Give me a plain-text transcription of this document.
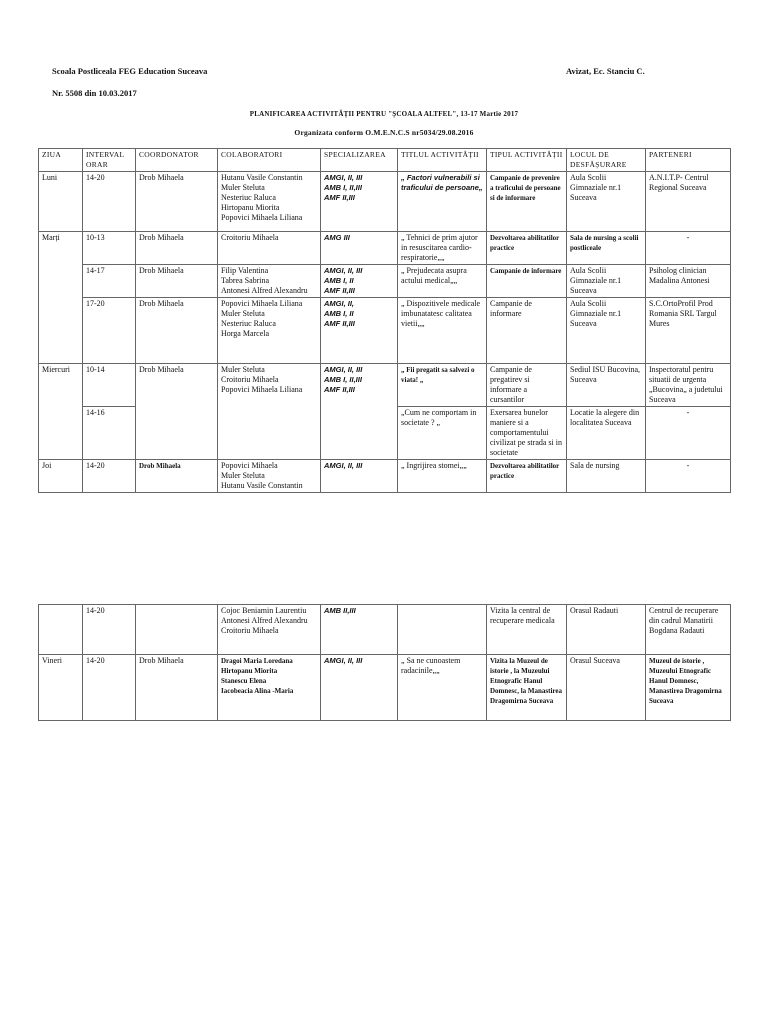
Scoala Postliceala FEG Education Suceava	Avizat, Ec. Stanciu C.
Nr. 5508 din 10.03.2017
PLANIFICAREA ACTIVITĂȚII PENTRU "ȘCOALA ALTFEL", 13-17 Martie 2017
Organizata conform O.M.E.N.C.S nr5034/29.08.2016
ZIUA	INTERVAL ORAR	COORDONATOR	COLABORATORI	SPECIALIZAREA	TITLUL ACTIVITĂȚII	TIPUL ACTIVITĂȚII	LOCUL DE DESFĂȘURARE	PARTENERI
Luni	14-20	Drob Mihaela	Hutanu Vasile Constantin
Muler Steluta
Nesteriuc Raluca
Hirtopanu Miorita
Popovici Mihaela Liliana	AMGI, II, III
AMB I, II,III
AMF II,III	„ Factori vulnerabili si traficului de persoane„	Campanie de prevenire a traficului de persoane si de informare	Aula Scolii Gimnaziale nr.1 Suceava	A.N.I.T.P- Centrul Regional Suceava
Marți	10-13	Drob Mihaela	Croitoriu Mihaela	AMG III	„ Tehnici de prim ajutor in resuscitarea cardio-respiratorie„„	Dezvoltarea abilitatilor practice	Sala de nursing a scolii postliceale	-
	14-17	Drob Mihaela	Filip Valentina
Tabrea Sabrina
Antonesi Alfred Alexandru	AMGI, II, III
AMB I, II
AMF II,III	„ Prejudecata asupra actului medical„„	Campanie de informare	Aula Scolii Gimnaziale nr.1 Suceava	Psiholog clinician Madalina Antonesi
	17-20	Drob Mihaela	Popovici Mihaela Liliana
Muler Steluta
Nesteriuc Raluca
Horga Marcela	AMGI, II,
AMB I, II
AMF II,III	„ Dispozitivele medicale imbunatatesc calitatea vietii„„	Campanie de informare	Aula Scolii Gimnaziale nr.1 Suceava	S.C.OrtoProfil Prod Romania SRL Targul Mures
Miercuri	10-14	Drob Mihaela	Muler Steluta
Croitoriu Mihaela
Popovici Mihaela Liliana	AMGI, II, III
AMB I, II,III
AMF II,III	„ Fii pregatit sa salvezi o viata! „	Campanie de pregatirev si informare a cursantilor	Sediul ISU Bucovina, Suceava	Inspectoratul pentru situatii de urgenta „Bucovina„ a judetului Suceava
	14-16				„Cum ne comportam in societate ? „	Exersarea bunelor maniere si a comportamentului civilizat pe strada si in societate	Locatie la alegere din localitatea Suceava	-
Joi	14-20	Drob Mihaela	Popovici Mihaela
Muler Steluta
Hutanu Vasile Constantin	AMGI, II, III	„ Ingrijirea stomei„„	Dezvoltarea abilitatilor practice	Sala de nursing	-
	14-20		Cojoc Beniamin Laurentiu
Antonesi Alfred Alexandru
Croitoriu Mihaela	AMB II,III		Vizita la central de recuperare medicala	Orasul Radauti	Centrul de recuperare din cadrul Manatirii Bogdana Radauti
Vineri	14-20	Drob Mihaela	Dragoi Maria Loredana
Hirtopanu Miorita
Stanescu Elena
Iacobeacia Alina -Maria	AMGI, II, III	„ Sa ne cunoastem radacinile„„	Vizita la Muzeul de istorie , la Muzeului Etnografic Hanul Domnesc, la Manastirea Dragomirna Suceava	Orasul Suceava	Muzeul de istorie , Muzeului Etnografic Hanul Domnesc, Manastirea Dragomirna Suceava
